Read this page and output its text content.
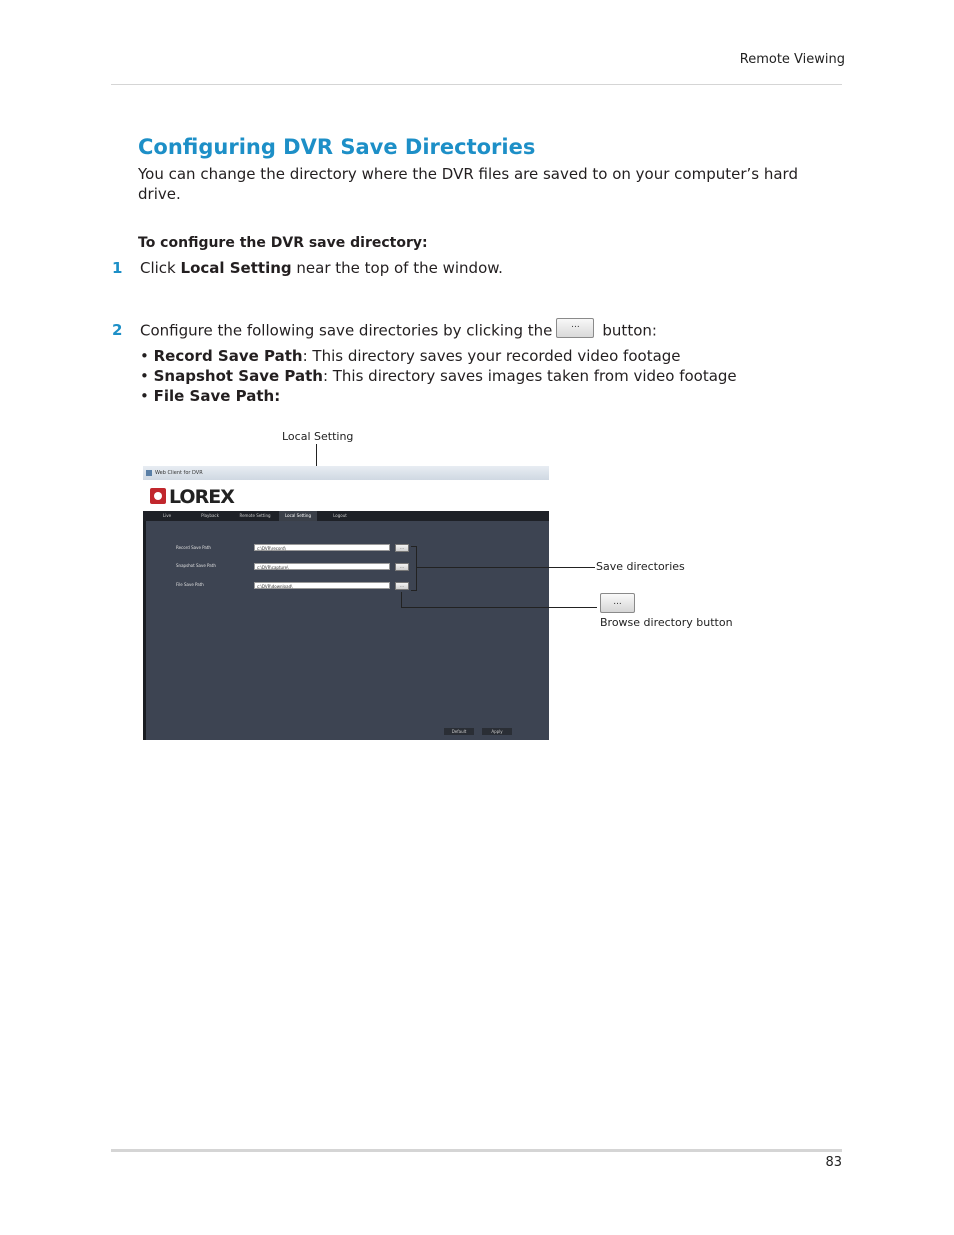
Remote Viewing
Configuring DVR Save Directories
You can change the directory where the DVR files are saved to on your computer’s hard drive.
To configure the DVR save directory:
1 Click Local Setting near the top of the window.
2 Configure the following save directories by clicking the ... button:
• Record Save Path: This directory saves your recorded video footage
• Snapshot Save Path: This directory saves images taken from video footage
• File Save Path:
Local Setting
Web Client for DVR
LOREX
Live	Playback	Remote Setting	Local Setting	Logout
Record Save Path	c:\DVR\record\	...
Snapshot Save Path	c:\DVR\capture\	...
File Save Path	c:\DVR\download\	...
Default	Apply
Save directories
...
Browse directory button
83
